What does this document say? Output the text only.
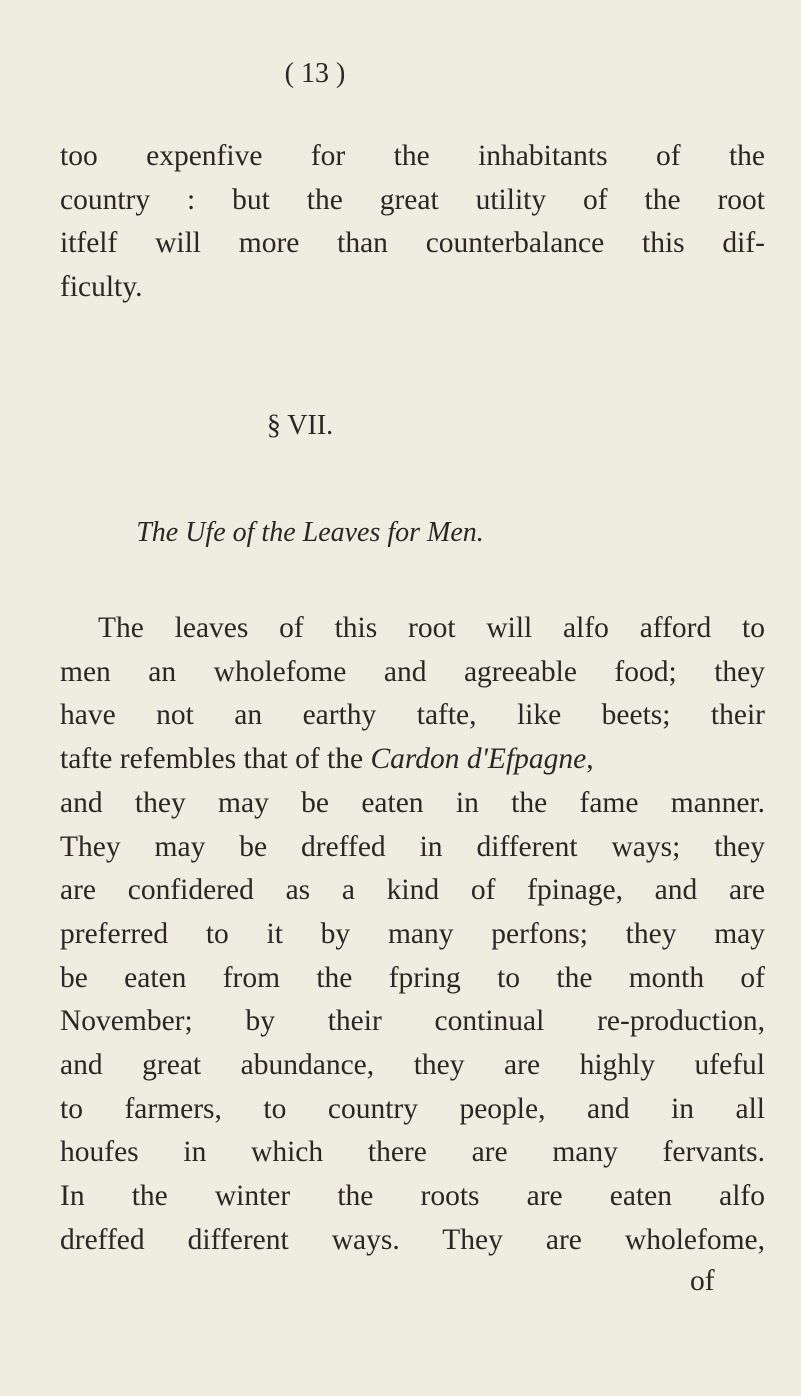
( 13 )
too expenfive for the inhabitants of the
country : but the great utility of the root
itfelf will more than counterbalance this dif-
ficulty.
§ VII.
The Ufe of the Leaves for Men.
The leaves of this root will alfo afford to
men an wholefome and agreeable food; they
have not an earthy tafte, like beets; their
tafte refembles that of the Cardon d'Efpagne,
and they may be eaten in the fame manner.
They may be dreffed in different ways; they
are confidered as a kind of fpinage, and are
preferred to it by many perfons; they may
be eaten from the fpring to the month of
November; by their continual re-production,
and great abundance, they are highly ufeful
to farmers, to country people, and in all
houfes in which there are many fervants.
In the winter the roots are eaten alfo
dreffed different ways. They are wholefome,
of
